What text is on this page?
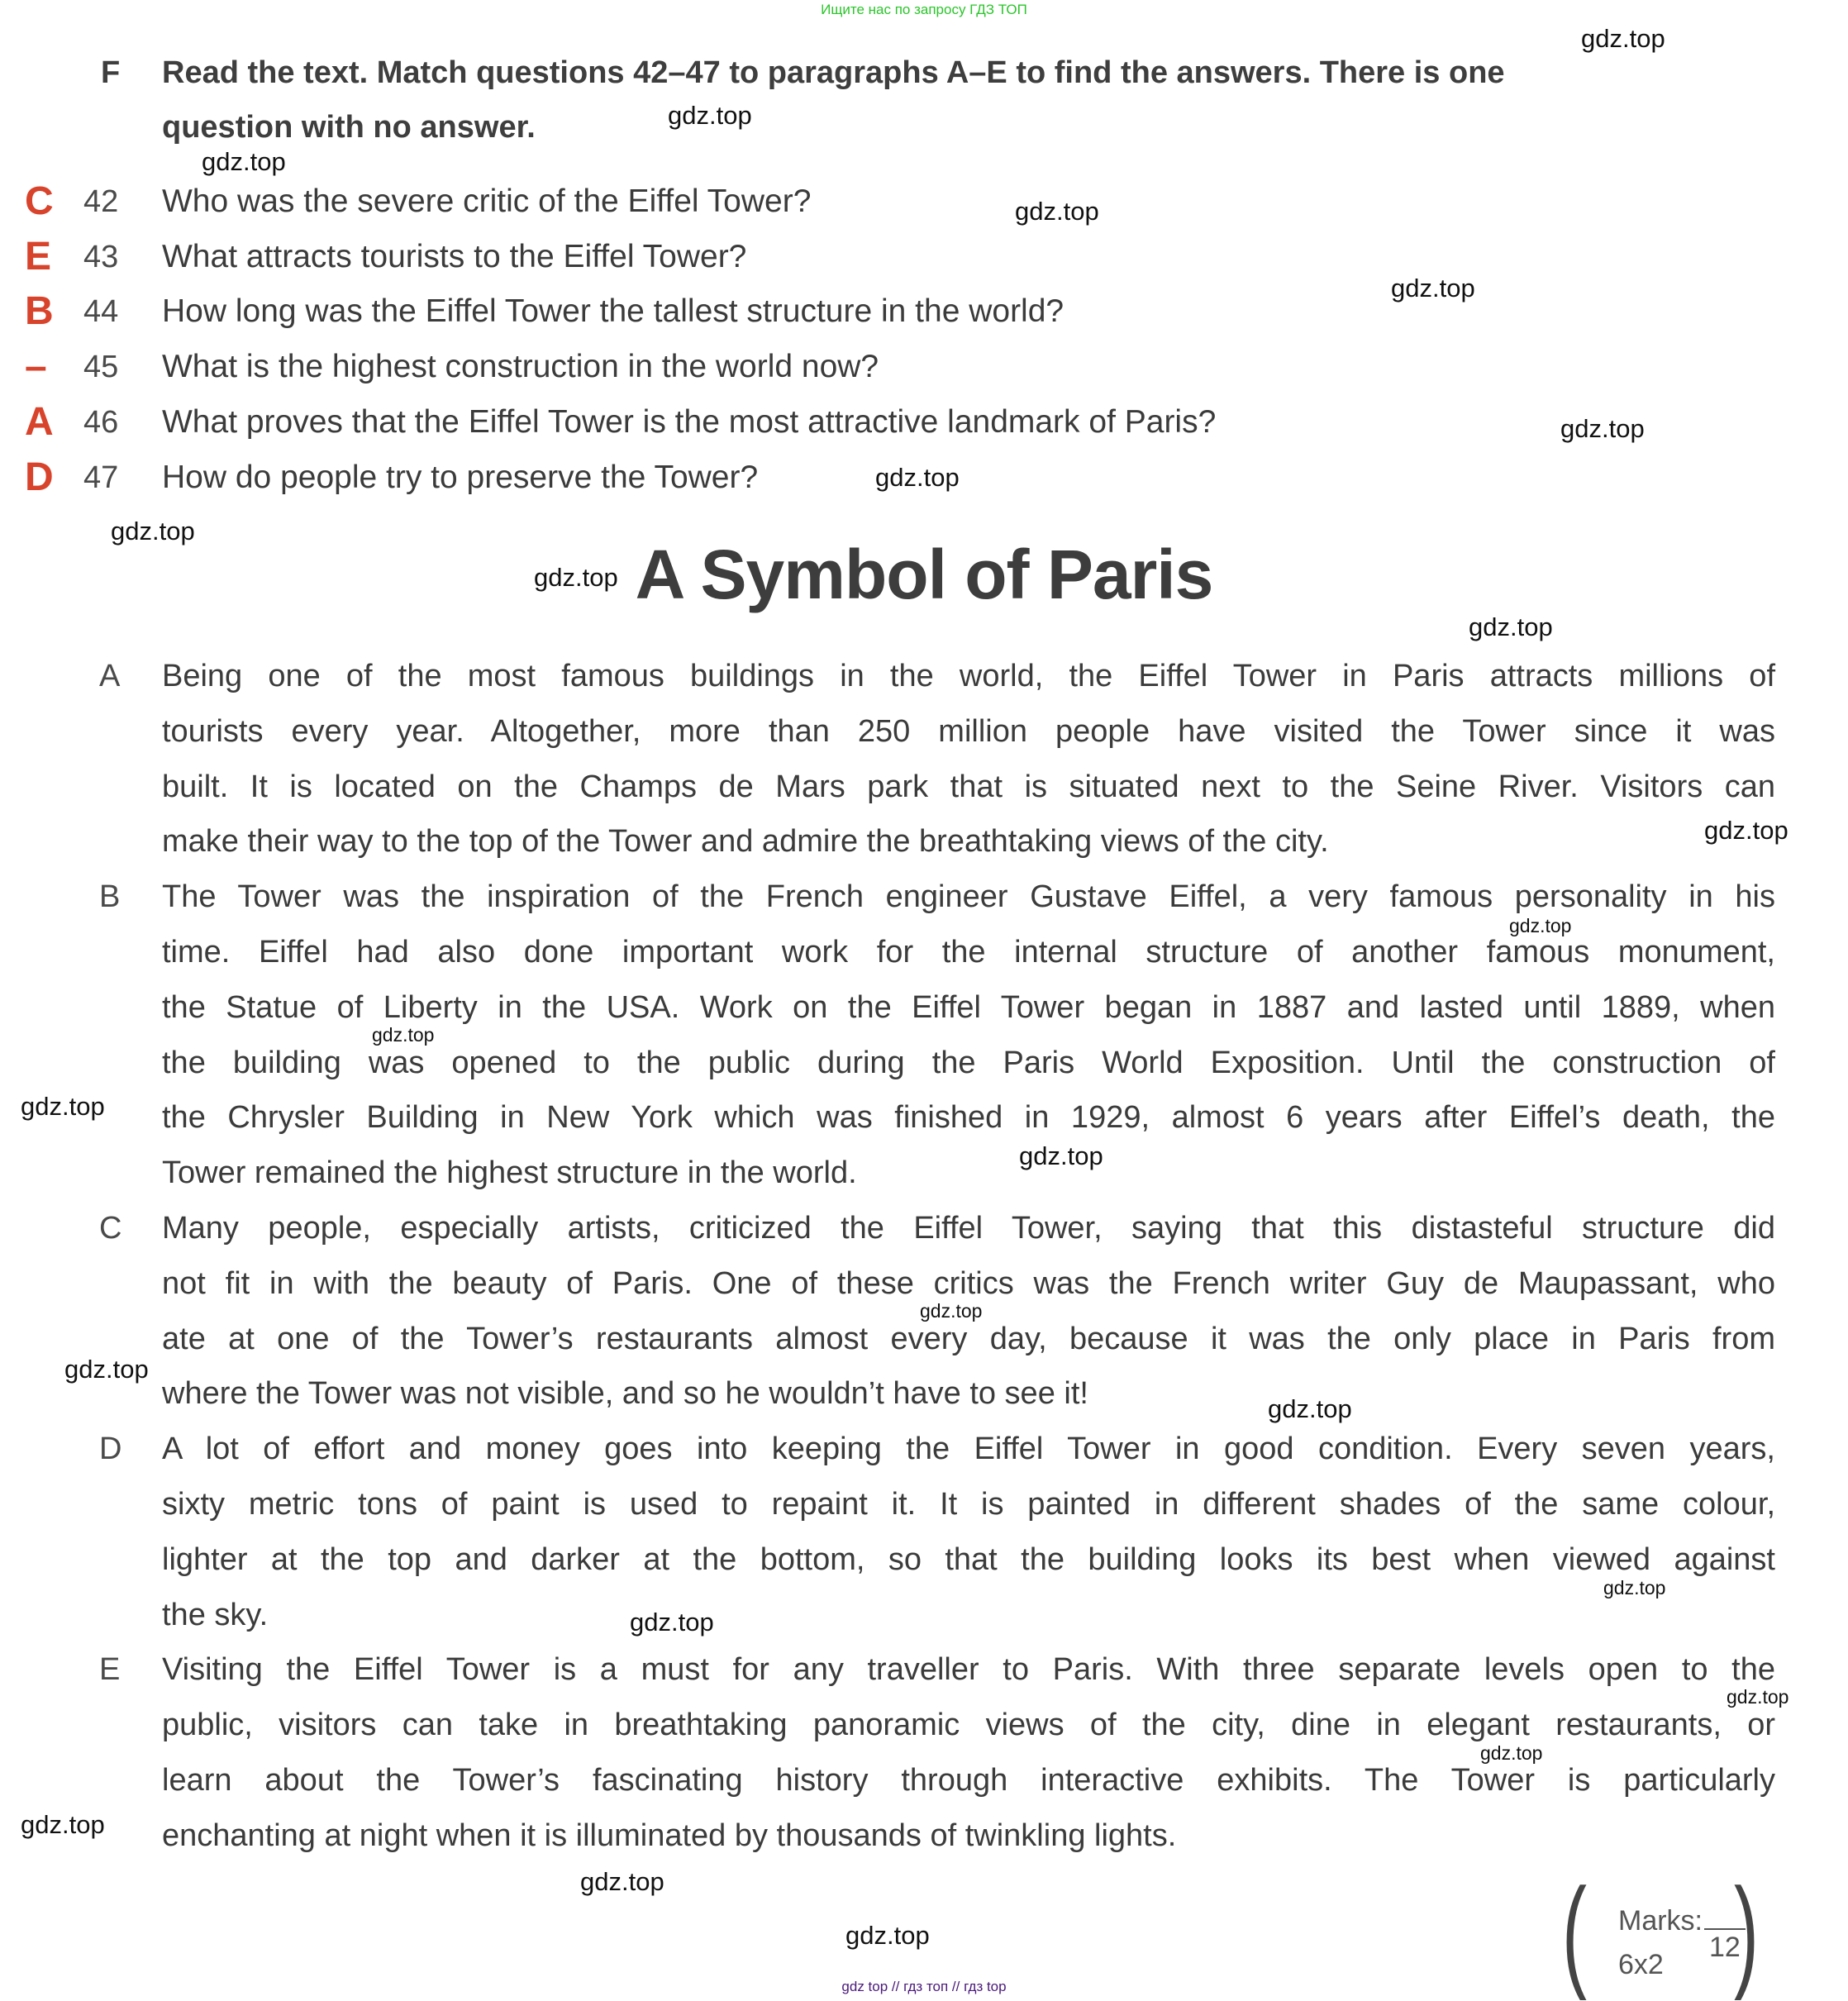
Ищите нас по запросу ГДЗ ТОП
F Read the text. Match questions 42–47 to paragraphs A–E to find the answers. There is one
question with no answer.
C 42 Who was the severe critic of the Eiffel Tower?
E 43 What attracts tourists to the Eiffel Tower?
B 44 How long was the Eiffel Tower the tallest structure in the world?
– 45 What is the highest construction in the world now?
A 46 What proves that the Eiffel Tower is the most attractive landmark of Paris?
D 47 How do people try to preserve the Tower?
A Symbol of Paris
A Being one of the most famous buildings in the world, the Eiffel Tower in Paris attracts millions of
tourists every year. Altogether, more than 250 million people have visited the Tower since it was
built. It is located on the Champs de Mars park that is situated next to the Seine River. Visitors can
make their way to the top of the Tower and admire the breathtaking views of the city.
B The Tower was the inspiration of the French engineer Gustave Eiffel, a very famous personality in his
time. Eiffel had also done important work for the internal structure of another famous monument,
the Statue of Liberty in the USA. Work on the Eiffel Tower began in 1887 and lasted until 1889, when
the building was opened to the public during the Paris World Exposition. Until the construction of
the Chrysler Building in New York which was finished in 1929, almost 6 years after Eiffel’s death, the
Tower remained the highest structure in the world.
C Many people, especially artists, criticized the Eiffel Tower, saying that this distasteful structure did
not fit in with the beauty of Paris. One of these critics was the French writer Guy de Maupassant, who
ate at one of the Tower’s restaurants almost every day, because it was the only place in Paris from
where the Tower was not visible, and so he wouldn’t have to see it!
D A lot of effort and money goes into keeping the Eiffel Tower in good condition. Every seven years,
sixty metric tons of paint is used to repaint it. It is painted in different shades of the same colour,
lighter at the top and darker at the bottom, so that the building looks its best when viewed against
the sky.
E Visiting the Eiffel Tower is a must for any traveller to Paris. With three separate levels open to the
public, visitors can take in breathtaking panoramic views of the city, dine in elegant restaurants, or
learn about the Tower’s fascinating history through interactive exhibits. The Tower is particularly
enchanting at night when it is illuminated by thousands of twinkling lights.
gdz.top
gdz.top
gdz.top
gdz.top
gdz.top
gdz.top
gdz.top
gdz.top
gdz.top
gdz.top
gdz.top
gdz.top
gdz.top
gdz.top
gdz.top
gdz.top
gdz.top
gdz.top
gdz.top
gdz.top
gdz.top
gdz.top
gdz.top
gdz.top
gdz.top	( )
Marks:
12
6x2
gdz top // гдз топ // гдз top
